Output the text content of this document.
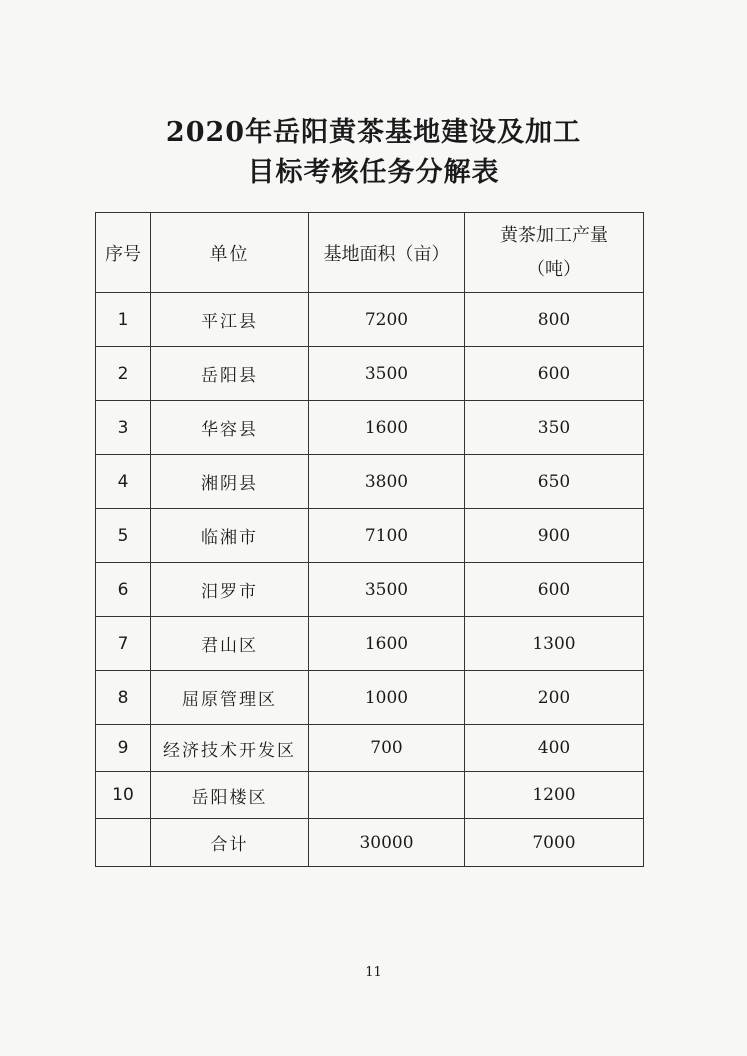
2020年岳阳黄茶基地建设及加工
目标考核任务分解表
序号	单位	基地面积（亩）	黄茶加工产量
（吨）

1	平江县	7200	800
2	岳阳县	3500	600
3	华容县	1600	350
4	湘阴县	3800	650
5	临湘市	7100	900
6	汨罗市	3500	600
7	君山区	1600	1300
8	屈原管理区	1000	200
9	经济技术开发区	700	400
10	岳阳楼区		1200
	合计	30000	7000
11
